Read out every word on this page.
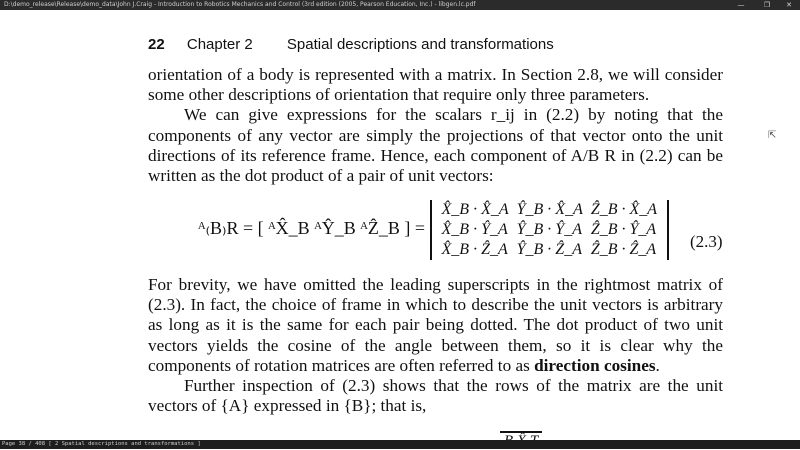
D:\demo_release\Release\demo_data\John J.Craig - Introduction to Robotics Mechanics and Control (3rd edition (2005, Pearson Education, Inc.) - libgen.lc.pdf	—	❐	✕
22 Chapter 2 Spatial descriptions and transformations

orientation of a body is represented with a matrix. In Section 2.8, we will consider some other descriptions of orientation that require only three parameters.

We can give expressions for the scalars r_ij in (2.2) by noting that the components of any vector are simply the projections of that vector onto the unit directions of its reference frame. Hence, each component of A/B R in (2.2) can be written as the dot product of a pair of unit vectors:

ᴬ₍B₎R = [ ᴬX̂_B ᴬŶ_B ᴬẐ_B ] =
X̂_B · X̂_A	Ŷ_B · X̂_A	Ẑ_B · X̂_A
X̂_B · Ŷ_A	Ŷ_B · Ŷ_A	Ẑ_B · Ŷ_A
X̂_B · Ẑ_A	Ŷ_B · Ẑ_A	Ẑ_B · Ẑ_A (2.3)

For brevity, we have omitted the leading superscripts in the rightmost matrix of (2.3). In fact, the choice of frame in which to describe the unit vectors is arbitrary as long as it is the same for each pair being dotted. The dot product of two unit vectors yields the cosine of the angle between them, so it is clear why the components of rotation matrices are often referred to as direction cosines.

Further inspection of (2.3) shows that the rows of the matrix are the unit vectors of {A} expressed in {B}; that is,

⇱
Page 38 / 408 [ 2 Spatial descriptions and transformations ]
